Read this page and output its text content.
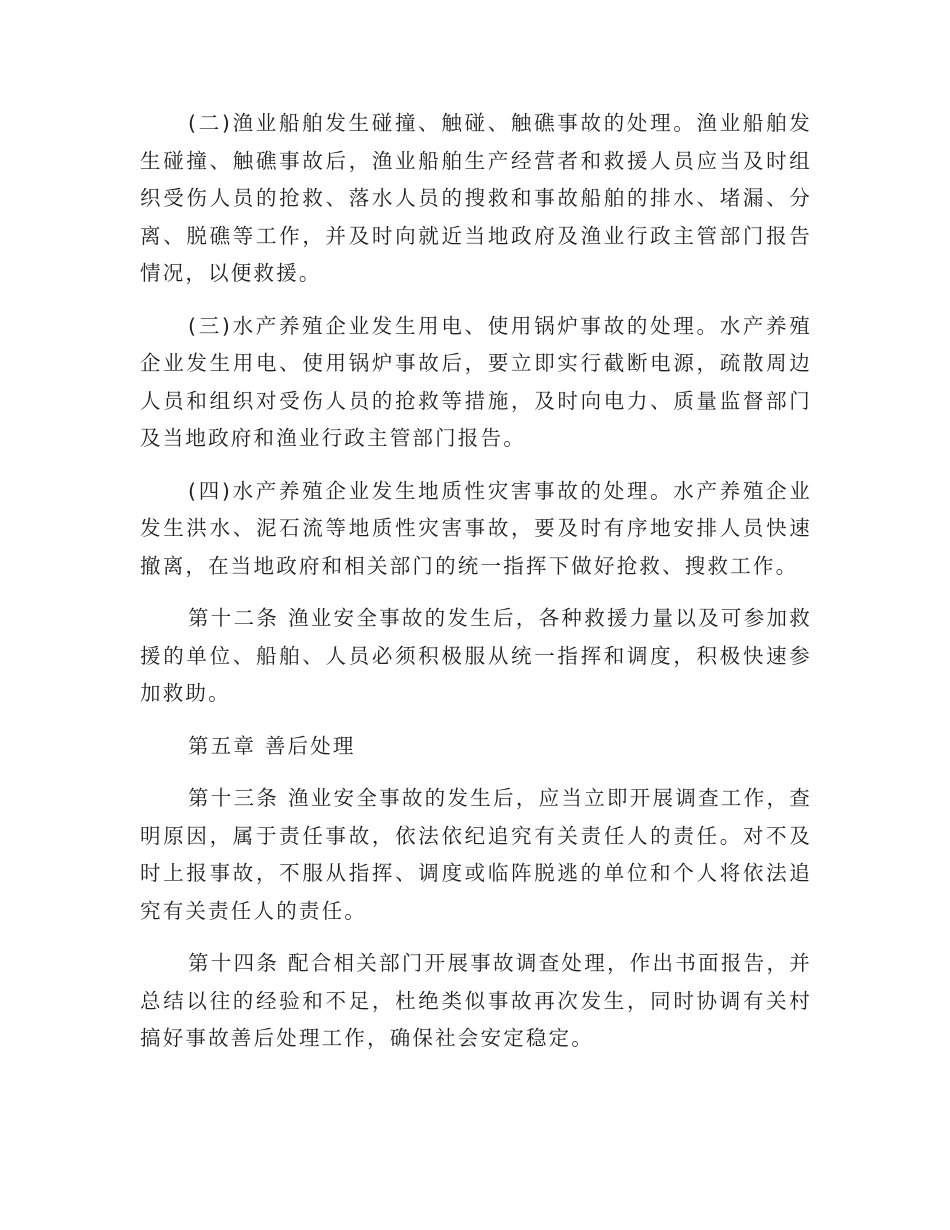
(二)渔业船舶发生碰撞、触碰、触礁事故的处理。渔业船舶发生碰撞、触礁事故后，渔业船舶生产经营者和救援人员应当及时组织受伤人员的抢救、落水人员的搜救和事故船舶的排水、堵漏、分离、脱礁等工作，并及时向就近当地政府及渔业行政主管部门报告情况，以便救援。

(三)水产养殖企业发生用电、使用锅炉事故的处理。水产养殖企业发生用电、使用锅炉事故后，要立即实行截断电源，疏散周边人员和组织对受伤人员的抢救等措施，及时向电力、质量监督部门及当地政府和渔业行政主管部门报告。

(四)水产养殖企业发生地质性灾害事故的处理。水产养殖企业发生洪水、泥石流等地质性灾害事故，要及时有序地安排人员快速撤离，在当地政府和相关部门的统一指挥下做好抢救、搜救工作。

第十二条 渔业安全事故的发生后，各种救援力量以及可参加救援的单位、船舶、人员必须积极服从统一指挥和调度，积极快速参加救助。

第五章 善后处理

第十三条 渔业安全事故的发生后，应当立即开展调查工作，查明原因，属于责任事故，依法依纪追究有关责任人的责任。对不及时上报事故，不服从指挥、调度或临阵脱逃的单位和个人将依法追究有关责任人的责任。

第十四条 配合相关部门开展事故调查处理，作出书面报告，并总结以往的经验和不足，杜绝类似事故再次发生，同时协调有关村搞好事故善后处理工作，确保社会安定稳定。
